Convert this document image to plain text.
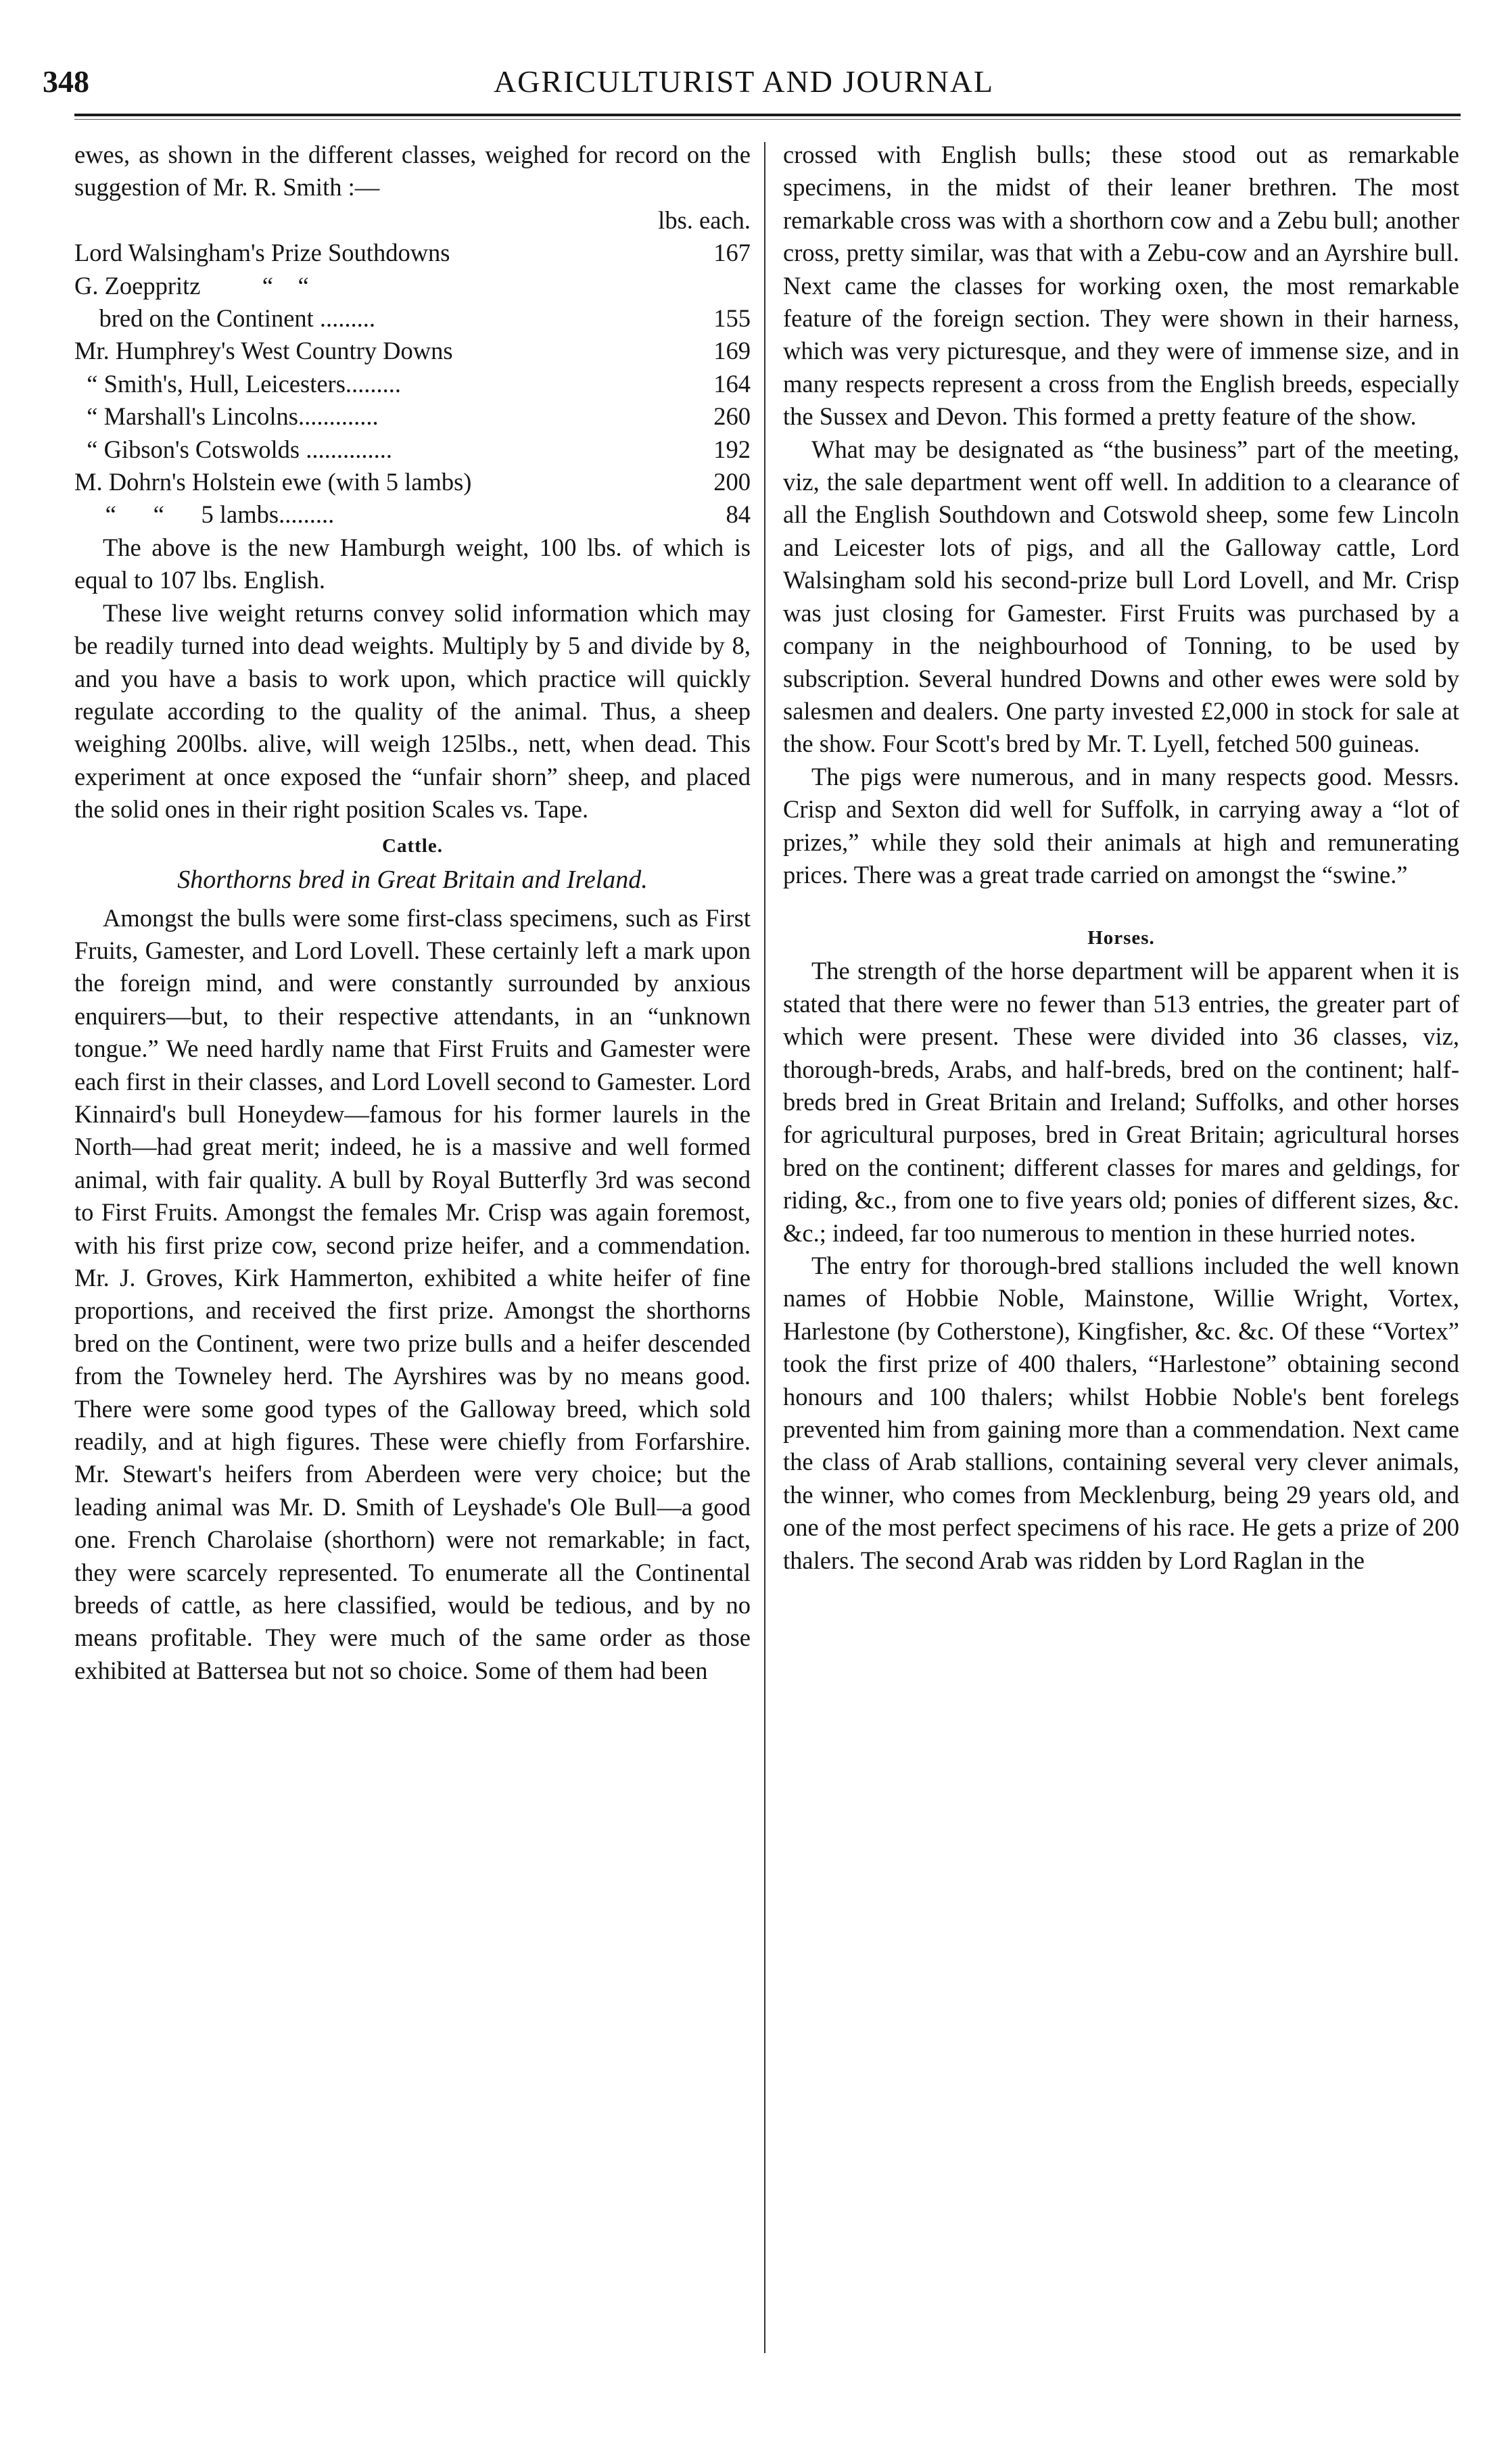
348	AGRICULTURIST AND JOURNAL

ewes, as shown in the different classes, weighed for record on the suggestion of Mr. R. Smith :—

	lbs. each.
Lord Walsingham's Prize Southdowns	167
G. Zoeppritz          “    “	
bred on the Continent .........	155
Mr. Humphrey's West Country Downs	169
“ Smith's, Hull, Leicesters.........	164
“ Marshall's Lincolns.............	260
“ Gibson's Cotswolds ..............	192
M. Dohrn's Holstein ewe (with 5 lambs)	200
“      “      5 lambs.........	84

The above is the new Hamburgh weight, 100 lbs. of which is equal to 107 lbs. English.

These live weight returns convey solid information which may be readily turned into dead weights. Multiply by 5 and divide by 8, and you have a basis to work upon, which practice will quickly regulate according to the quality of the animal. Thus, a sheep weighing 200lbs. alive, will weigh 125lbs., nett, when dead. This experiment at once exposed the “unfair shorn” sheep, and placed the solid ones in their right position Scales vs. Tape.

Cattle.
Shorthorns bred in Great Britain and Ireland.

Amongst the bulls were some first-class specimens, such as First Fruits, Gamester, and Lord Lovell. These certainly left a mark upon the foreign mind, and were constantly surrounded by anxious enquirers—but, to their respective attendants, in an “unknown tongue.” We need hardly name that First Fruits and Gamester were each first in their classes, and Lord Lovell second to Gamester. Lord Kinnaird's bull Honeydew—famous for his former laurels in the North—had great merit; indeed, he is a massive and well formed animal, with fair quality. A bull by Royal Butterfly 3rd was second to First Fruits. Amongst the females Mr. Crisp was again foremost, with his first prize cow, second prize heifer, and a commendation. Mr. J. Groves, Kirk Hammerton, exhibited a white heifer of fine proportions, and received the first prize. Amongst the shorthorns bred on the Continent, were two prize bulls and a heifer descended from the Towneley herd. The Ayrshires was by no means good. There were some good types of the Galloway breed, which sold readily, and at high figures. These were chiefly from Forfarshire. Mr. Stewart's heifers from Aberdeen were very choice; but the leading animal was Mr. D. Smith of Leyshade's Ole Bull—a good one. French Charolaise (shorthorn) were not remarkable; in fact, they were scarcely represented. To enumerate all the Continental breeds of cattle, as here classified, would be tedious, and by no means profitable. They were much of the same order as those exhibited at Battersea but not so choice. Some of them had been

crossed with English bulls; these stood out as remarkable specimens, in the midst of their leaner brethren. The most remarkable cross was with a shorthorn cow and a Zebu bull; another cross, pretty similar, was that with a Zebu-cow and an Ayrshire bull. Next came the classes for working oxen, the most remarkable feature of the foreign section. They were shown in their harness, which was very picturesque, and they were of immense size, and in many respects represent a cross from the English breeds, especially the Sussex and Devon. This formed a pretty feature of the show.

What may be designated as “the business” part of the meeting, viz, the sale department went off well. In addition to a clearance of all the English Southdown and Cotswold sheep, some few Lincoln and Leicester lots of pigs, and all the Galloway cattle, Lord Walsingham sold his second-prize bull Lord Lovell, and Mr. Crisp was just closing for Gamester. First Fruits was purchased by a company in the neighbourhood of Tonning, to be used by subscription. Several hundred Downs and other ewes were sold by salesmen and dealers. One party invested £2,000 in stock for sale at the show. Four Scott's bred by Mr. T. Lyell, fetched 500 guineas.

The pigs were numerous, and in many respects good. Messrs. Crisp and Sexton did well for Suffolk, in carrying away a “lot of prizes,” while they sold their animals at high and remunerating prices. There was a great trade carried on amongst the “swine.”

Horses.

The strength of the horse department will be apparent when it is stated that there were no fewer than 513 entries, the greater part of which were present. These were divided into 36 classes, viz, thorough-breds, Arabs, and half-breds, bred on the continent; half-breds bred in Great Britain and Ireland; Suffolks, and other horses for agricultural purposes, bred in Great Britain; agricultural horses bred on the continent; different classes for mares and geldings, for riding, &c., from one to five years old; ponies of different sizes, &c. &c.; indeed, far too numerous to mention in these hurried notes.

The entry for thorough-bred stallions included the well known names of Hobbie Noble, Mainstone, Willie Wright, Vortex, Harlestone (by Cotherstone), Kingfisher, &c. &c. Of these “Vortex” took the first prize of 400 thalers, “Harlestone” obtaining second honours and 100 thalers; whilst Hobbie Noble's bent forelegs prevented him from gaining more than a commendation. Next came the class of Arab stallions, containing several very clever animals, the winner, who comes from Mecklenburg, being 29 years old, and one of the most perfect specimens of his race. He gets a prize of 200 thalers. The second Arab was ridden by Lord Raglan in the
